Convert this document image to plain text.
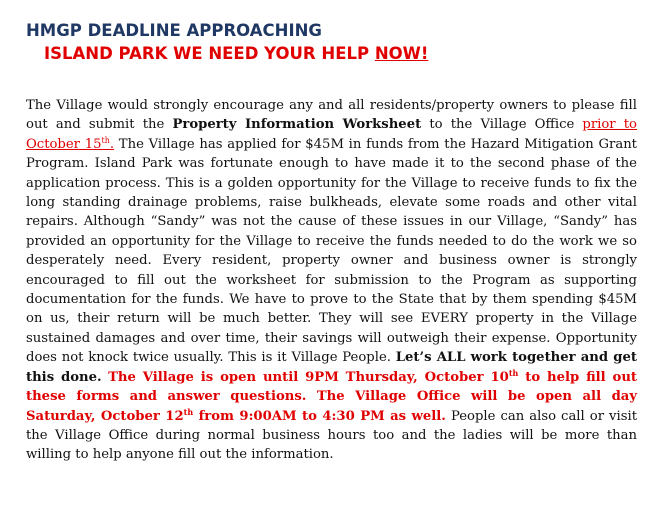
HMGP DEADLINE APPROACHING
ISLAND PARK WE NEED YOUR HELP NOW!

The Village would strongly encourage any and all residents/property owners to please fill out and submit the Property Information Worksheet to the Village Office prior to October 15th. The Village has applied for $45M in funds from the Hazard Mitigation Grant Program. Island Park was fortunate enough to have made it to the second phase of the application process. This is a golden opportunity for the Village to receive funds to fix the long standing drainage problems, raise bulkheads, elevate some roads and other vital repairs. Although “Sandy” was not the cause of these issues in our Village, “Sandy” has provided an opportunity for the Village to receive the funds needed to do the work we so desperately need. Every resident, property owner and business owner is strongly encouraged to fill out the worksheet for submission to the Program as supporting documentation for the funds. We have to prove to the State that by them spending $45M on us, their return will be much better. They will see EVERY property in the Village sustained damages and over time, their savings will outweigh their expense. Opportunity does not knock twice usually. This is it Village People. Let’s ALL work together and get this done. The Village is open until 9PM Thursday, October 10th to help fill out these forms and answer questions. The Village Office will be open all day Saturday, October 12th from 9:00AM to 4:30 PM as well. People can also call or visit the Village Office during normal business hours too and the ladies will be more than willing to help anyone fill out the information.
